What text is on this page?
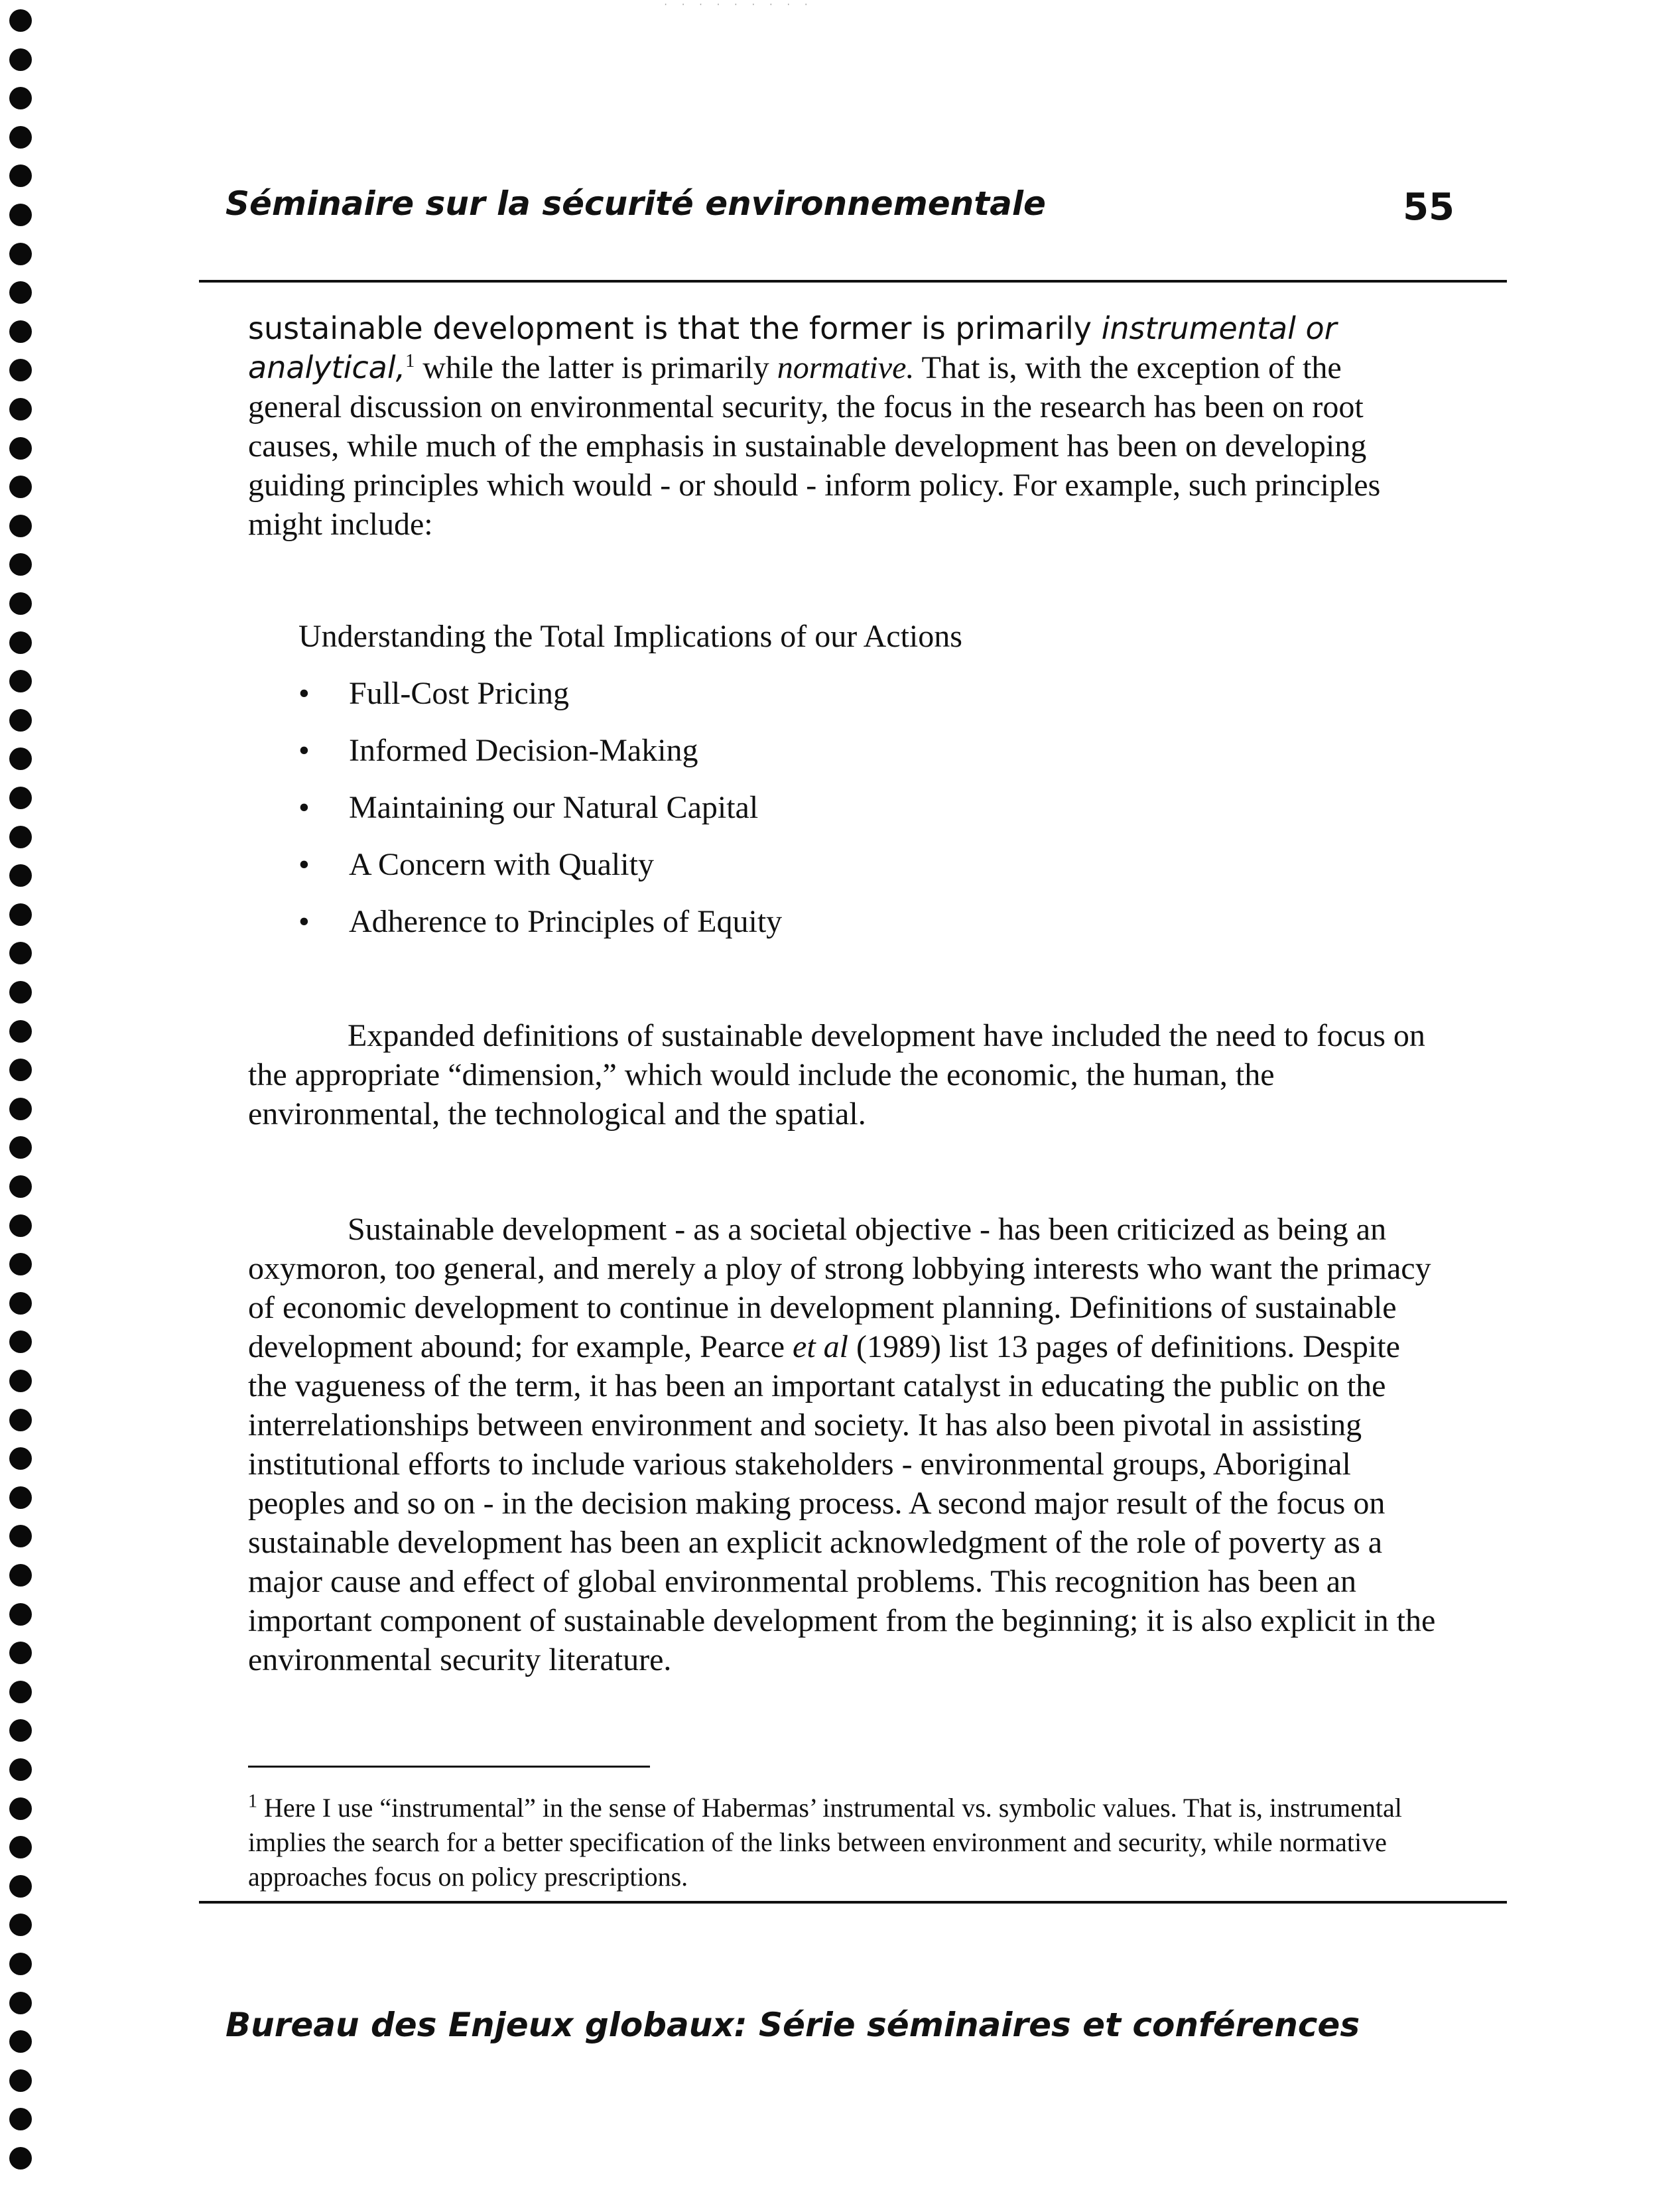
· · · · · · · · ·
Séminaire sur la sécurité environnementale	55
sustainable development is that the former is primarily instrumental or analytical,$^1$ while the latter is primarily normative. That is, with the exception of the general discussion on environmental security, the focus in the research has been on root causes, while much of the emphasis in sustainable development has been on developing guiding principles which would - or should - inform policy. For example, such principles might include:
Understanding the Total Implications of our Actions
•	Full-Cost Pricing
•	Informed Decision-Making
•	Maintaining our Natural Capital
•	A Concern with Quality
•	Adherence to Principles of Equity
Expanded definitions of sustainable development have included the need to focus on the appropriate “dimension,” which would include the economic, the human, the environmental, the technological and the spatial.
Sustainable development - as a societal objective - has been criticized as being an oxymoron, too general, and merely a ploy of strong lobbying interests who want the primacy of economic development to continue in development planning. Definitions of sustainable development abound; for example, Pearce et al (1989) list 13 pages of definitions. Despite the vagueness of the term, it has been an important catalyst in educating the public on the interrelationships between environment and society. It has also been pivotal in assisting institutional efforts to include various stakeholders - environmental groups, Aboriginal peoples and so on - in the decision making process. A second major result of the focus on sustainable development has been an explicit acknowledgment of the role of poverty as a major cause and effect of global environmental problems. This recognition has been an important component of sustainable development from the beginning; it is also explicit in the environmental security literature.
$^1$ Here I use “instrumental” in the sense of Habermas’ instrumental vs. symbolic values. That is, instrumental implies the search for a better specification of the links between environment and security, while normative approaches focus on policy prescriptions.
Bureau des Enjeux globaux: Série séminaires et conférences
